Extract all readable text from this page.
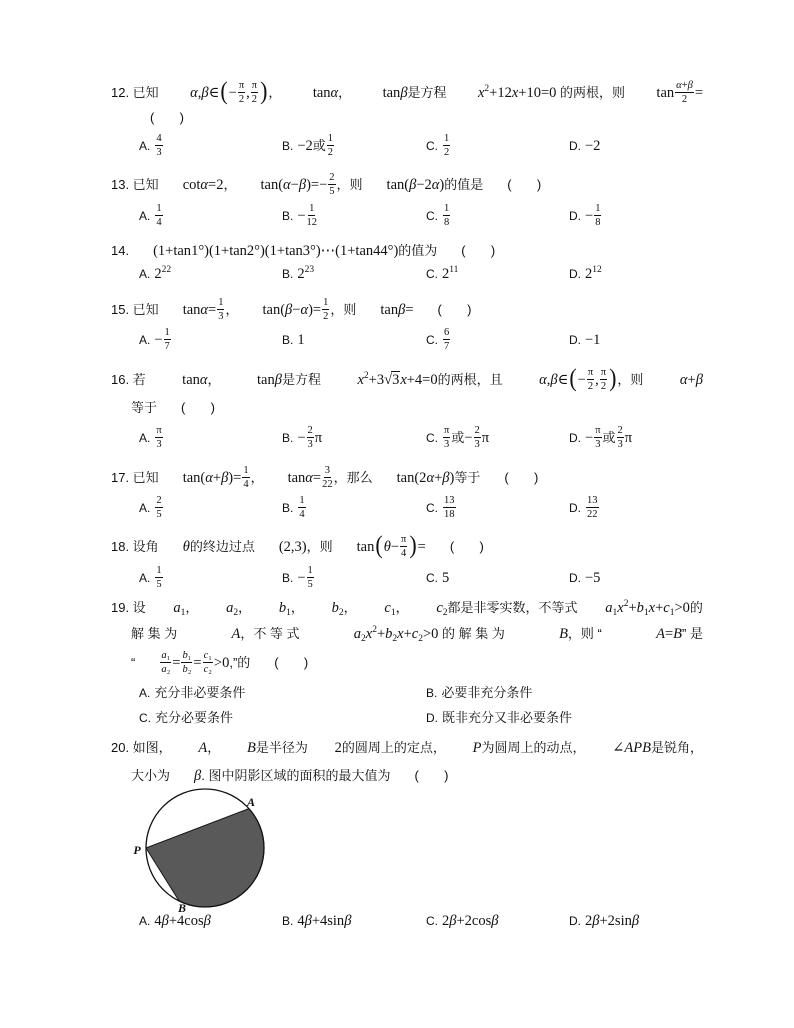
12. 已知 α,β∈(− $\frac{\pi}{2}$ , $\frac{\pi}{2}$ )， tanα， tanβ是方程 $x^2+12x+10=0$ 的两根，则 $\tan \frac{\alpha+\beta}{2}$ =
(       )
A. $\frac{4}{3}$	B. −2或 $\frac{1}{2}$	C. $\frac{1}{2}$	D. −2
13. 已知 cotα=2， $\tan(\alpha-\beta)=- \frac{2}{5}$ ，则 tan(β−2α)的值是 (       )
A. $\frac{1}{4}$	B. − $\frac{1}{12}$	C. $\frac{1}{8}$	D. − $\frac{1}{8}$
14. (1+tan1°)(1+tan2°)(1+tan3°)⋯(1+tan44°)的值为 (       )
A. $2^{22}$	B. $2^{23}$	C. $2^{11}$	D. $2^{12}$
15. 已知 $\tan\alpha= \frac{1}{3}$ ， $\tan(\beta-\alpha)= \frac{1}{2}$ ，则 tanβ= (       )
A. − $\frac{1}{7}$	B. 1	C. $\frac{6}{7}$	D. −1
16. 若	tanα，	tanβ是方程	$x^2+3√3x+4=0$的两根，且	α,β∈(− $\frac{\pi}{2}$ , $\frac{\pi}{2}$ )，则	α+β
等于 (       )
A. $\frac{\pi}{3}$	B. − $\frac{2}{3}$ π	C. $\frac{\pi}{3}$ 或− $\frac{2}{3}$ π	D. − $\frac{\pi}{3}$ 或 $\frac{2}{3}$ π
17. 已知 $\tan(\alpha+\beta)= \frac{1}{4}$ ， $\tan\alpha= \frac{3}{22}$ ，那么 tan(2α+β)等于 (       )
A. $\frac{2}{5}$	B. $\frac{1}{4}$	C. $\frac{13}{18}$	D. $\frac{13}{22}$
18. 设角 θ的终边过点 (2,3)，则 $\tan(\theta- \frac{\pi}{4}$ )= (       )
A. $\frac{1}{5}$	B. − $\frac{1}{5}$	C. 5	D. −5
19. 设 $a_1$， $a_2$， $b_1$， $b_2$， $c_1$， $c_2$都是非零实数，不等式 $a_1x^2+b_1x+c_1>0$的
解 集 为	A，不 等 式	$a_2x^2+b_2x+c_2>0$ 的 解 集 为	B，则 “	A=B” 是
“ $\frac{\text{a₁}}{\text{a₂}} = \frac{\text{b₁}}{\text{b₂}} = \frac{\text{c₁}}{\text{c₂}} >0$,”的 (       )
A. 充分非必要条件	B. 必要非充分条件
C. 充分必要条件	D. 既非充分又非必要条件
20. 如图， A， B是半径为 2的圆周上的定点， P为圆周上的动点， ∠APB是锐角，
大小为 β. 图中阴影区域的面积的最大值为 (       )
A
P
B
A. 4β+4cosβ	B. 4β+4sinβ	C. 2β+2cosβ	D. 2β+2sinβ
